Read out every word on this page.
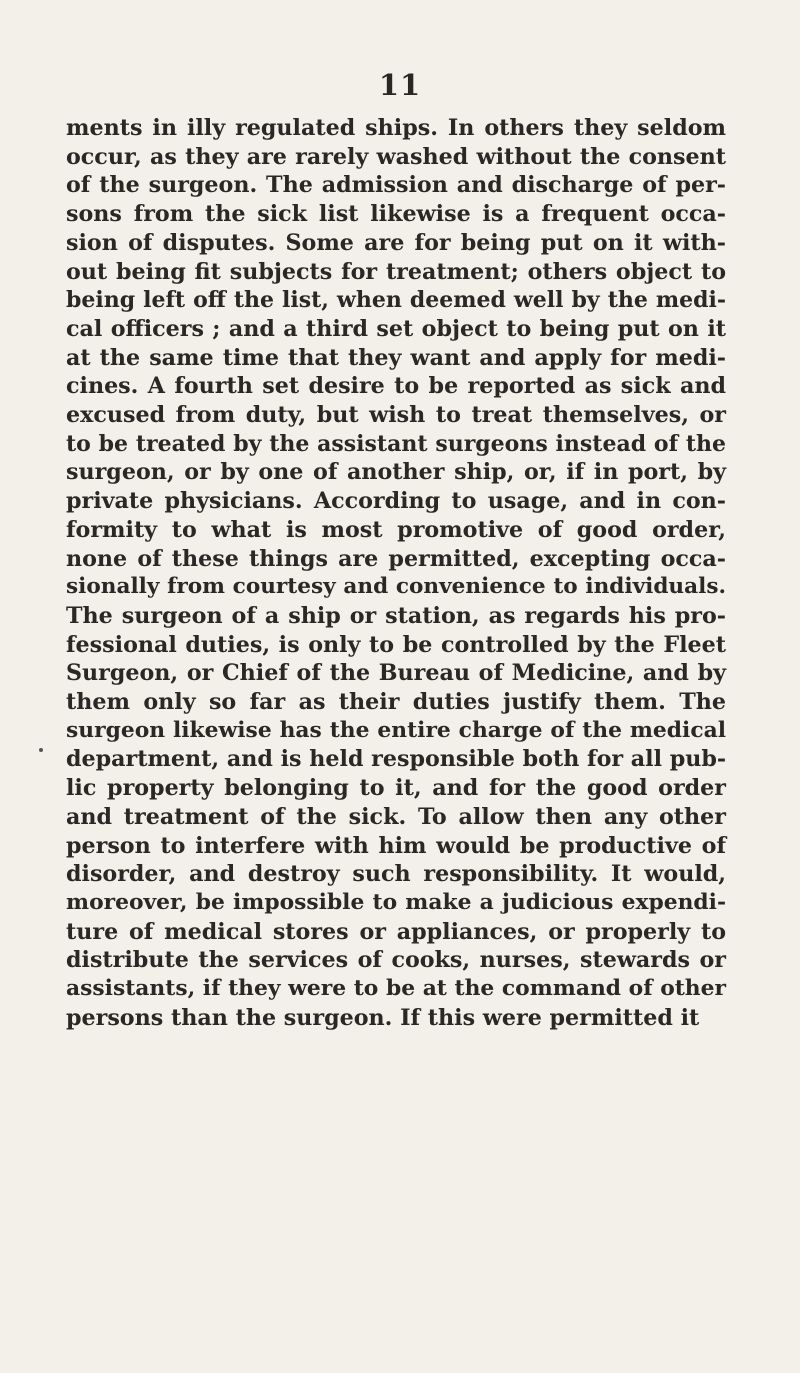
11
ments in illy regulated ships. In others they seldom
occur, as they are rarely washed without the consent
of the surgeon. The admission and discharge of per-
sons from the sick list likewise is a frequent occa-
sion of disputes. Some are for being put on it with-
out being fit subjects for treatment; others object to
being left off the list, when deemed well by the medi-
cal officers ; and a third set object to being put on it
at the same time that they want and apply for medi-
cines. A fourth set desire to be reported as sick and
excused from duty, but wish to treat themselves, or
to be treated by the assistant surgeons instead of the
surgeon, or by one of another ship, or, if in port, by
private physicians. According to usage, and in con-
formity to what is most promotive of good order,
none of these things are permitted, excepting occa-
sionally from courtesy and convenience to individuals.
The surgeon of a ship or station, as regards his pro-
fessional duties, is only to be controlled by the Fleet
Surgeon, or Chief of the Bureau of Medicine, and by
them only so far as their duties justify them. The
surgeon likewise has the entire charge of the medical
department, and is held responsible both for all pub-
lic property belonging to it, and for the good order
and treatment of the sick. To allow then any other
person to interfere with him would be productive of
disorder, and destroy such responsibility. It would,
moreover, be impossible to make a judicious expendi-
ture of medical stores or appliances, or properly to
distribute the services of cooks, nurses, stewards or
assistants, if they were to be at the command of other
persons than the surgeon. If this were permitted it
